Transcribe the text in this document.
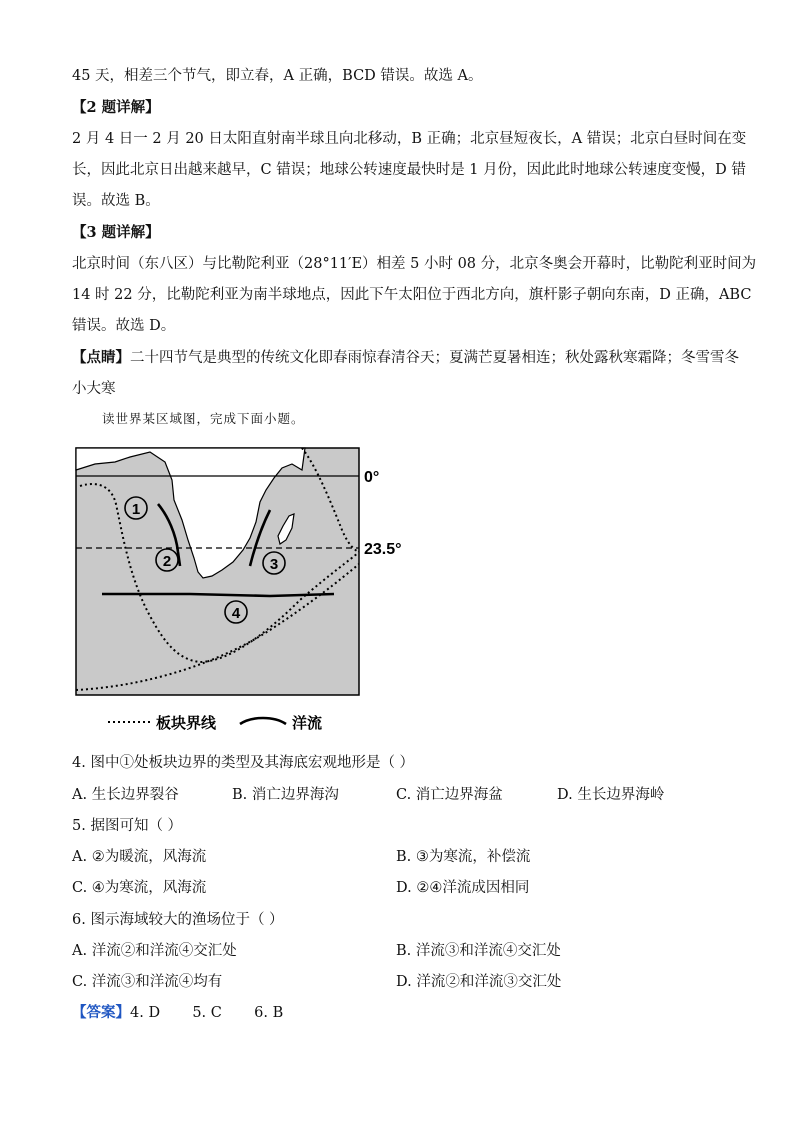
45 天，相差三个节气，即立春，A 正确，BCD 错误。故选 A。
【2 题详解】
2 月 4 日一 2 月 20 日太阳直射南半球且向北移动，B 正确；北京昼短夜长，A 错误；北京白昼时间在变
长，因此北京日出越来越早，C 错误；地球公转速度最快时是 1 月份，因此此时地球公转速度变慢，D 错
误。故选 B。
【3 题详解】
北京时间（东八区）与比勒陀利亚（28°11′E）相差 5 小时 08 分，北京冬奥会开幕时，比勒陀利亚时间为
14 时 22 分，比勒陀利亚为南半球地点，因此下午太阳位于西北方向，旗杆影子朝向东南，D 正确，ABC
错误。故选 D。
【点睛】二十四节气是典型的传统文化即春雨惊春清谷天；夏满芒夏暑相连；秋处露秋寒霜降；冬雪雪冬
小大寒
读世界某区域图，完成下面小题。
1
2	3
4
0°
23.5°
板块界线	洋流
4. 图中①处板块边界的类型及其海底宏观地形是（ ）
A. 生长边界裂谷	B. 消亡边界海沟	C. 消亡边界海盆	D. 生长边界海岭
5. 据图可知（ ）
A. ②为暖流，风海流	B. ③为寒流，补偿流
C. ④为寒流，风海流	D. ②④洋流成因相同
6. 图示海域较大的渔场位于（ ）
A. 洋流②和洋流④交汇处	B. 洋流③和洋流④交汇处
C. 洋流③和洋流④均有	D. 洋流②和洋流③交汇处
【答案】4. D       5. C       6. B
